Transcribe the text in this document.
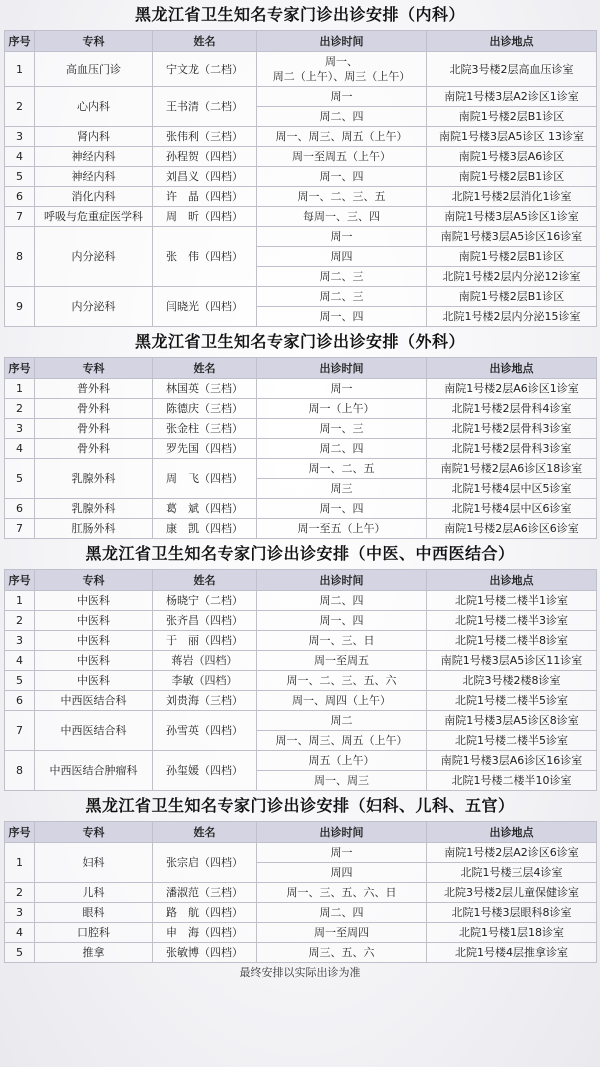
黑龙江省卫生知名专家门诊出诊安排（内科）
序号	专科	姓名	出诊时间	出诊地点
1	高血压门诊	宁文龙（二档）	周一、
周二（上午）、周三（上午）	北院3号楼2层高血压诊室
2	心内科	王书清（二档）	周一	南院1号楼3层A2诊区1诊室
			周二、四	南院1号楼2层B1诊区
3	肾内科	张伟利（三档）	周一、周三、周五（上午）	南院1号楼3层A5诊区 13诊室
4	神经内科	孙程贺（四档）	周一至周五（上午）	南院1号楼3层A6诊区
5	神经内科	刘昌义（四档）	周一、四	南院1号楼2层B1诊区
6	消化内科	许　晶（四档）	周一、二、三、五	北院1号楼2层消化1诊室
7	呼吸与危重症医学科	周　昕（四档）	每周一、三、四	南院1号楼3层A5诊区1诊室
8	内分泌科	张　伟（四档）	周一	南院1号楼3层A5诊区16诊室
			周四	南院1号楼2层B1诊区
			周二、三	北院1号楼2层内分泌12诊室
9	内分泌科	闫晓光（四档）	周二、三	南院1号楼2层B1诊区
			周一、四	北院1号楼2层内分泌15诊室
黑龙江省卫生知名专家门诊出诊安排（外科）
序号	专科	姓名	出诊时间	出诊地点
1	普外科	林国英（三档）	周一	南院1号楼2层A6诊区1诊室
2	骨外科	陈德庆（三档）	周一（上午）	北院1号楼2层骨科4诊室
3	骨外科	张金柱（三档）	周一、三	北院1号楼2层骨科3诊室
4	骨外科	罗先国（四档）	周二、四	北院1号楼2层骨科3诊室
5	乳腺外科	周　飞（四档）	周一、二、五	南院1号楼2层A6诊区18诊室
			周三	北院1号楼4层中区5诊室
6	乳腺外科	葛　斌（四档）	周一、四	北院1号楼4层中区6诊室
7	肛肠外科	康　凯（四档）	周一至五（上午）	南院1号楼2层A6诊区6诊室
黑龙江省卫生知名专家门诊出诊安排（中医、中西医结合）
序号	专科	姓名	出诊时间	出诊地点
1	中医科	杨晓宁（二档）	周二、四	北院1号楼二楼半1诊室
2	中医科	张齐昌（四档）	周一、四	北院1号楼二楼半3诊室
3	中医科	于　丽（四档）	周一、三、日	北院1号楼二楼半8诊室
4	中医科	蒋岩（四档）	周一至周五	南院1号楼3层A5诊区11诊室
5	中医科	李敏（四档）	周一、二、三、五、六	北院3号楼2楼8诊室
6	中西医结合科	刘贵海（三档）	周一、周四（上午）	北院1号楼二楼半5诊室
7	中西医结合科	孙雪英（四档）	周二	南院1号楼3层A5诊区8诊室
			周一、周三、周五（上午）	北院1号楼二楼半5诊室
8	中西医结合肿瘤科	孙玺媛（四档）	周五（上午）	南院1号楼3层A6诊区16诊室
			周一、周三	北院1号楼二楼半10诊室
黑龙江省卫生知名专家门诊出诊安排（妇科、儿科、五官）
序号	专科	姓名	出诊时间	出诊地点
1	妇科	张宗启（四档）	周一	南院1号楼2层A2诊区6诊室
			周四	北院1号楼三层4诊室
2	儿科	潘淑范（三档）	周一、三、五、六、日	北院3号楼2层儿童保健诊室
3	眼科	路　航（四档）	周二、四	北院1号楼3层眼科8诊室
4	口腔科	申　海（四档）	周一至周四	北院1号楼1层18诊室
5	推拿	张敏博（四档）	周三、五、六	北院1号楼4层推拿诊室
最终安排以实际出诊为准
